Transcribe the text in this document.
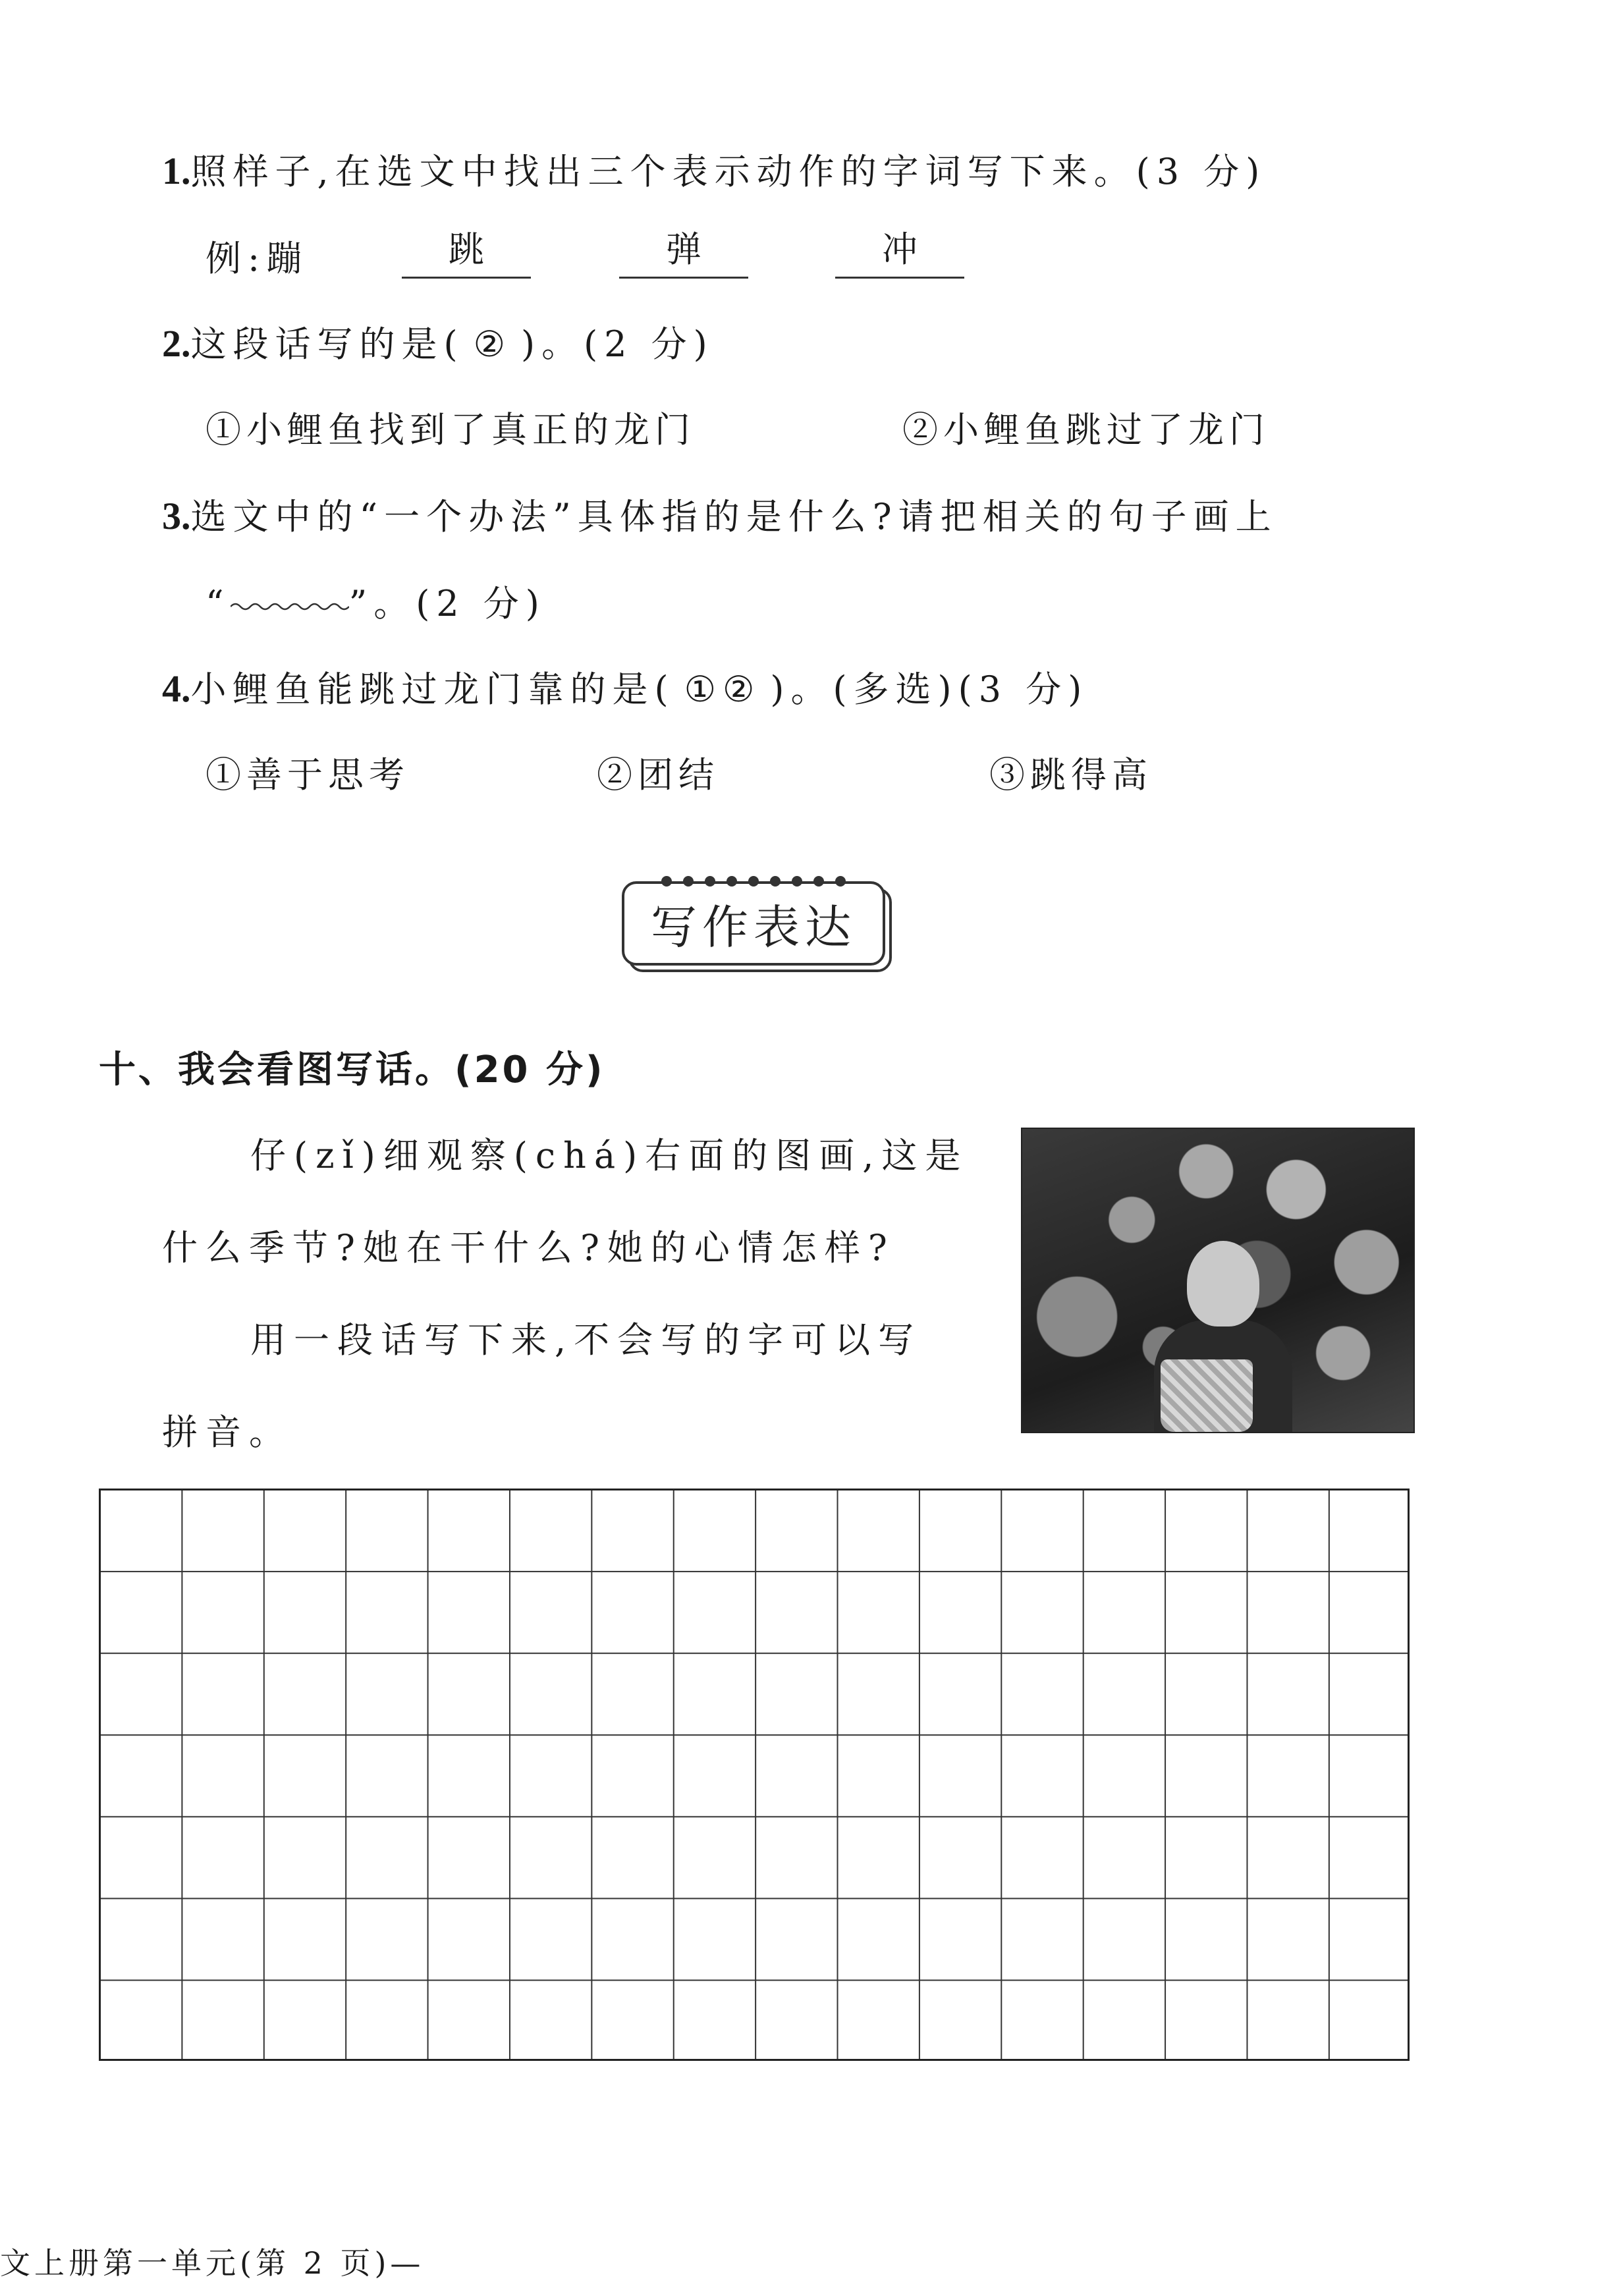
1.照样子,在选文中找出三个表示动作的字词写下来。(3 分)
例:蹦	跳	弹	冲
2.这段话写的是( ② )。(2 分)
①小鲤鱼找到了真正的龙门	②小鲤鱼跳过了龙门
3.选文中的“一个办法”具体指的是什么?请把相关的句子画上
“	”。(2 分)
4.小鲤鱼能跳过龙门靠的是( ①② )。(多选)(3 分)
①善于思考	②团结	③跳得高
写作表达
十、我会看图写话。(20 分)
仔(zǐ)细观察(chá)右面的图画,这是
什么季节?她在干什么?她的心情怎样?
用一段话写下来,不会写的字可以写
拼音。
文上册第一单元(第 2 页)—
